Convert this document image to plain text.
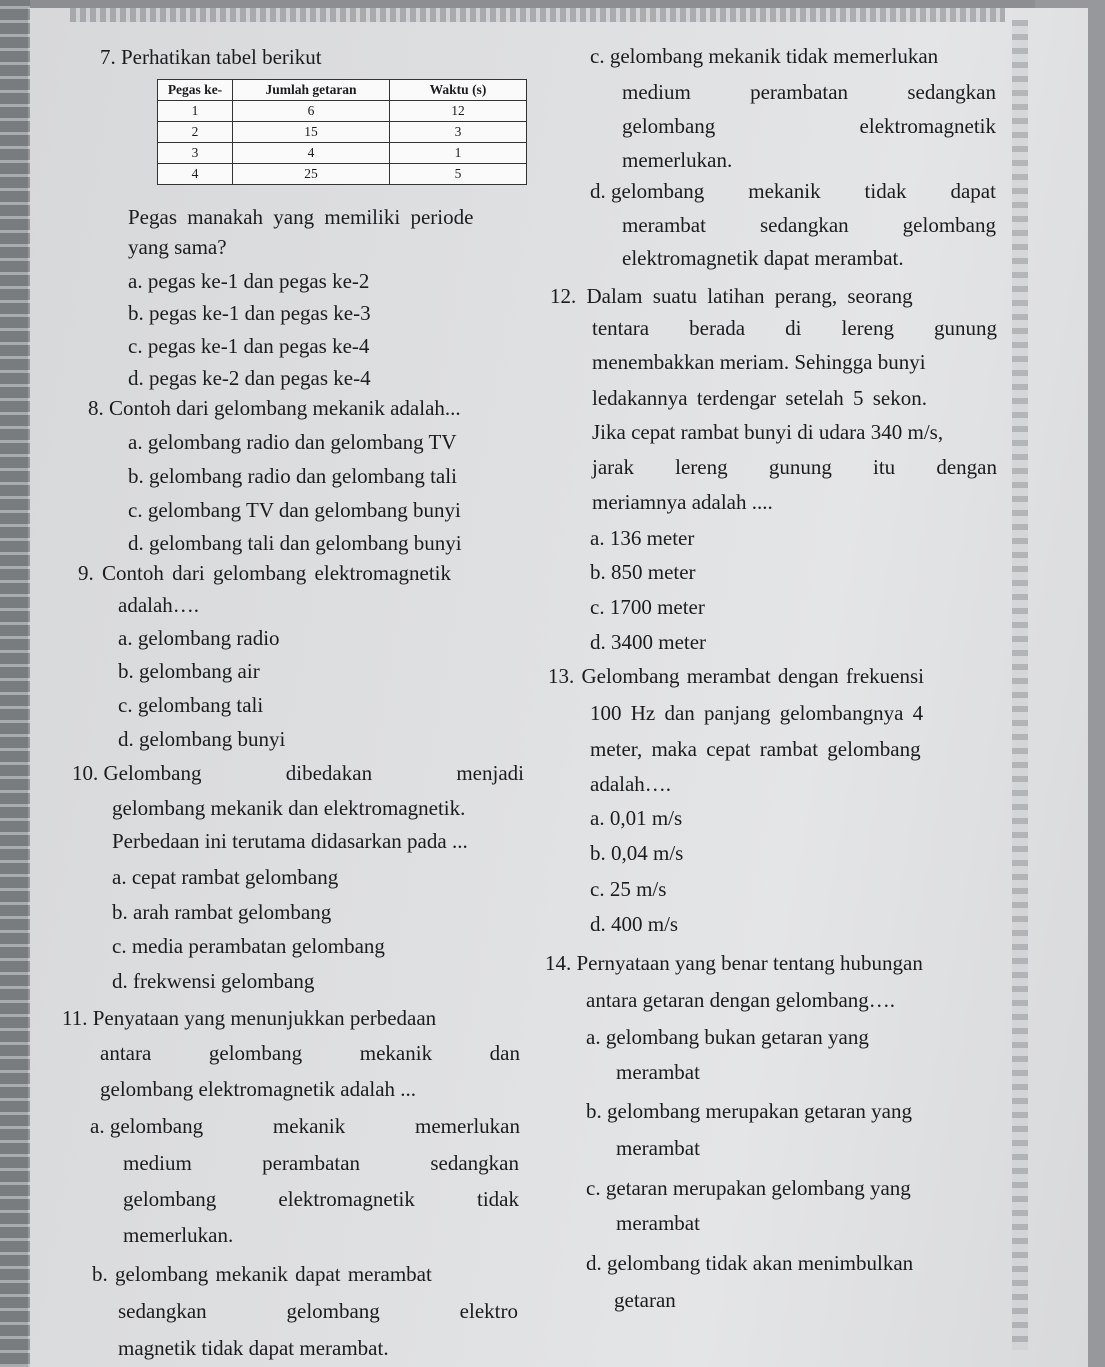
7. Perhatikan tabel berikut
Pegas ke-	Jumlah getaran	Waktu (s)
1	6	12
2	15	3
3	4	1
4	25	5
Pegas manakah yang memiliki periode
yang sama?
a. pegas ke-1 dan pegas ke-2
b. pegas ke-1 dan pegas ke-3
c. pegas ke-1 dan pegas ke-4
d. pegas ke-2 dan pegas ke-4
8. Contoh dari gelombang mekanik adalah...
a. gelombang radio dan gelombang TV
b. gelombang radio dan gelombang tali
c. gelombang TV dan gelombang bunyi
d. gelombang tali dan gelombang bunyi
9. Contoh dari gelombang elektromagnetik
adalah….
a. gelombang radio
b. gelombang air
c. gelombang tali
d. gelombang bunyi
10. Gelombang	dibedakan	menjadi
gelombang mekanik dan elektromagnetik.
Perbedaan ini terutama didasarkan pada ...
a. cepat rambat gelombang
b. arah rambat gelombang
c. media perambatan gelombang
d. frekwensi gelombang
11. Penyataan yang menunjukkan perbedaan
antara	gelombang	mekanik	dan
gelombang elektromagnetik adalah ...
a. gelombang	mekanik	memerlukan
medium	perambatan	sedangkan
gelombang	elektromagnetik	tidak
memerlukan.
b. gelombang mekanik dapat merambat
sedangkan	gelombang	elektro
magnetik tidak dapat merambat.
c. gelombang mekanik tidak memerlukan
medium	perambatan	sedangkan
gelombang	elektromagnetik
memerlukan.
d. gelombang mekanik tidak dapat
merambat	sedangkan	gelombang
elektromagnetik dapat merambat.
12. Dalam suatu latihan perang, seorang
tentara berada di lereng gunung
menembakkan meriam. Sehingga bunyi
ledakannya terdengar setelah 5 sekon.
Jika cepat rambat bunyi di udara 340 m/s,
jarak lereng gunung itu dengan
meriamnya adalah ....
a. 136 meter
b. 850 meter
c. 1700 meter
d. 3400 meter
13. Gelombang merambat dengan frekuensi
100 Hz dan panjang gelombangnya 4
meter, maka cepat rambat gelombang
adalah….
a. 0,01 m/s
b. 0,04 m/s
c. 25 m/s
d. 400 m/s
14. Pernyataan yang benar tentang hubungan
antara getaran dengan gelombang….
a. gelombang bukan getaran yang
merambat
b. gelombang merupakan getaran yang
merambat
c. getaran merupakan gelombang yang
merambat
d. gelombang tidak akan menimbulkan
getaran
